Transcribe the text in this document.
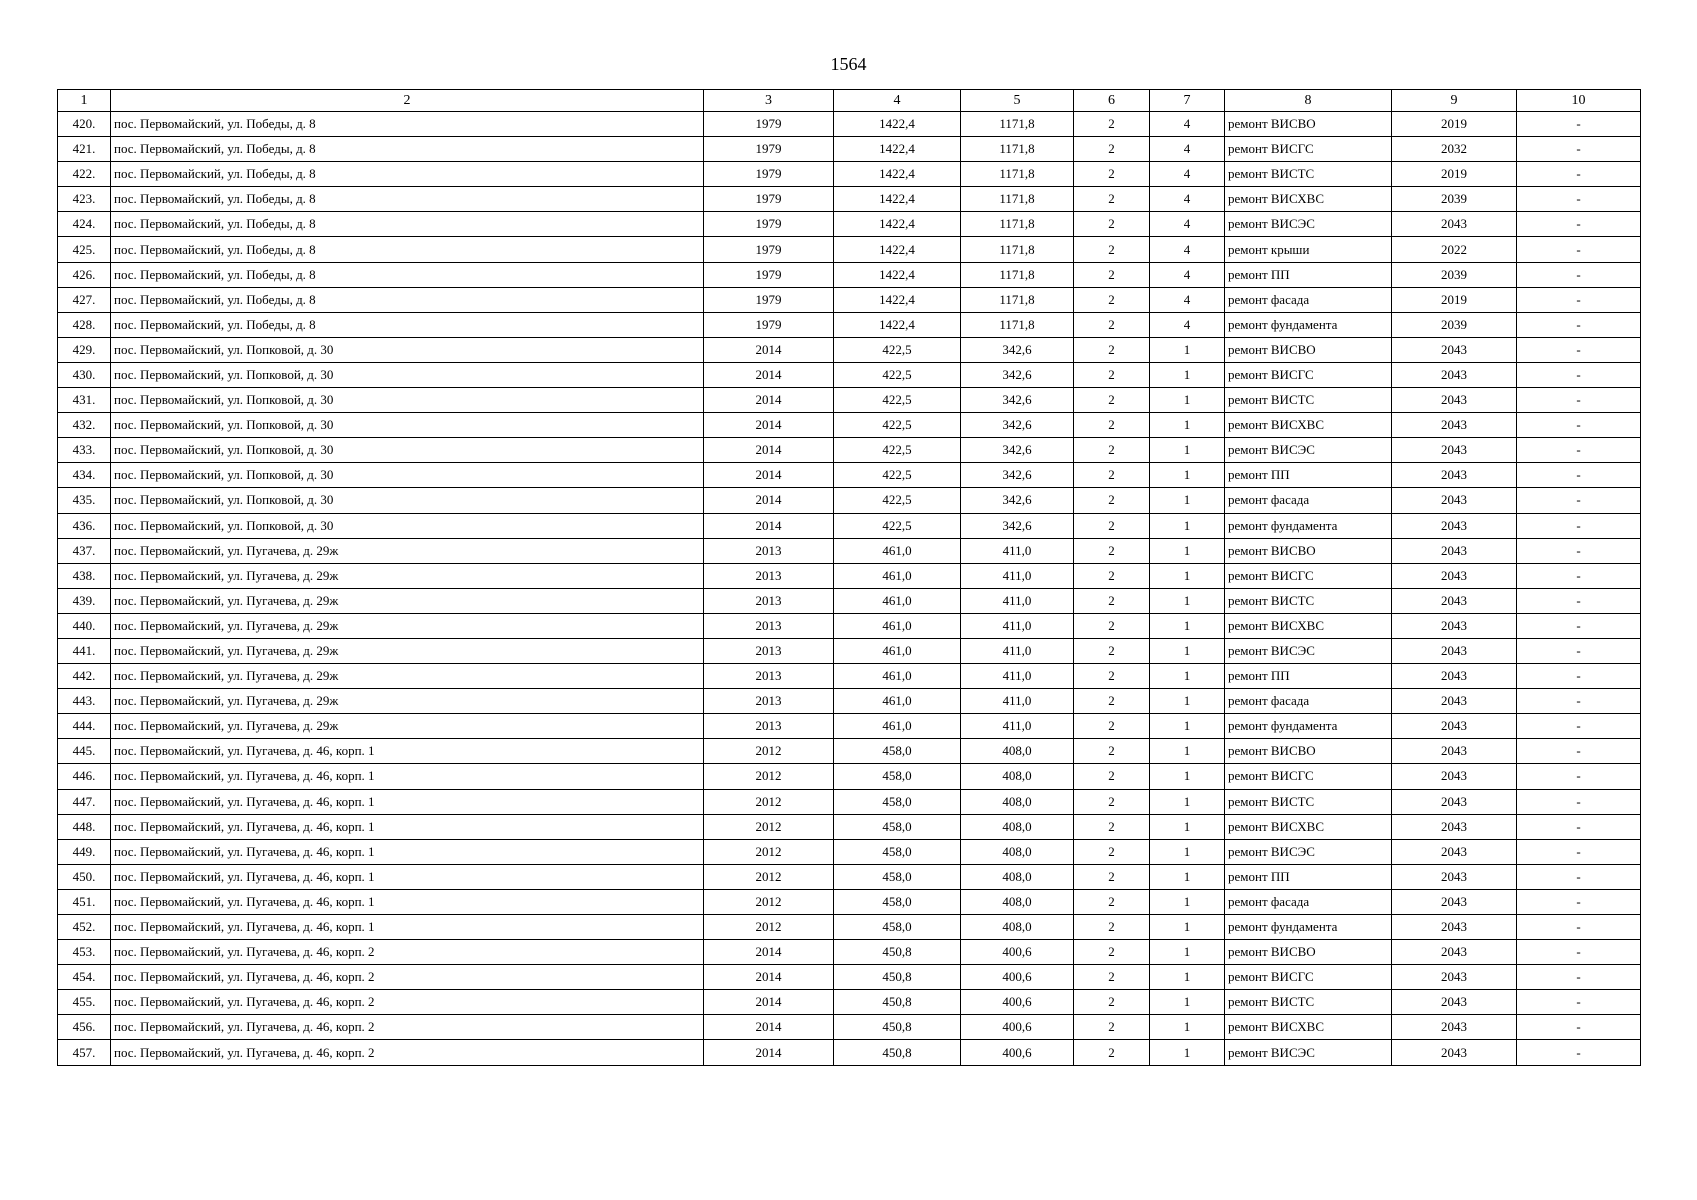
1564
1	2	3	4	5	6	7	8	9	10
420.	пос. Первомайский, ул. Победы, д. 8	1979	1422,4	1171,8	2	4	ремонт ВИСВО	2019	-
421.	пос. Первомайский, ул. Победы, д. 8	1979	1422,4	1171,8	2	4	ремонт ВИСГС	2032	-
422.	пос. Первомайский, ул. Победы, д. 8	1979	1422,4	1171,8	2	4	ремонт ВИСТС	2019	-
423.	пос. Первомайский, ул. Победы, д. 8	1979	1422,4	1171,8	2	4	ремонт ВИСХВС	2039	-
424.	пос. Первомайский, ул. Победы, д. 8	1979	1422,4	1171,8	2	4	ремонт ВИСЭС	2043	-
425.	пос. Первомайский, ул. Победы, д. 8	1979	1422,4	1171,8	2	4	ремонт крыши	2022	-
426.	пос. Первомайский, ул. Победы, д. 8	1979	1422,4	1171,8	2	4	ремонт ПП	2039	-
427.	пос. Первомайский, ул. Победы, д. 8	1979	1422,4	1171,8	2	4	ремонт фасада	2019	-
428.	пос. Первомайский, ул. Победы, д. 8	1979	1422,4	1171,8	2	4	ремонт фундамента	2039	-
429.	пос. Первомайский, ул. Попковой, д. 30	2014	422,5	342,6	2	1	ремонт ВИСВО	2043	-
430.	пос. Первомайский, ул. Попковой, д. 30	2014	422,5	342,6	2	1	ремонт ВИСГС	2043	-
431.	пос. Первомайский, ул. Попковой, д. 30	2014	422,5	342,6	2	1	ремонт ВИСТС	2043	-
432.	пос. Первомайский, ул. Попковой, д. 30	2014	422,5	342,6	2	1	ремонт ВИСХВС	2043	-
433.	пос. Первомайский, ул. Попковой, д. 30	2014	422,5	342,6	2	1	ремонт ВИСЭС	2043	-
434.	пос. Первомайский, ул. Попковой, д. 30	2014	422,5	342,6	2	1	ремонт ПП	2043	-
435.	пос. Первомайский, ул. Попковой, д. 30	2014	422,5	342,6	2	1	ремонт фасада	2043	-
436.	пос. Первомайский, ул. Попковой, д. 30	2014	422,5	342,6	2	1	ремонт фундамента	2043	-
437.	пос. Первомайский, ул. Пугачева, д. 29ж	2013	461,0	411,0	2	1	ремонт ВИСВО	2043	-
438.	пос. Первомайский, ул. Пугачева, д. 29ж	2013	461,0	411,0	2	1	ремонт ВИСГС	2043	-
439.	пос. Первомайский, ул. Пугачева, д. 29ж	2013	461,0	411,0	2	1	ремонт ВИСТС	2043	-
440.	пос. Первомайский, ул. Пугачева, д. 29ж	2013	461,0	411,0	2	1	ремонт ВИСХВС	2043	-
441.	пос. Первомайский, ул. Пугачева, д. 29ж	2013	461,0	411,0	2	1	ремонт ВИСЭС	2043	-
442.	пос. Первомайский, ул. Пугачева, д. 29ж	2013	461,0	411,0	2	1	ремонт ПП	2043	-
443.	пос. Первомайский, ул. Пугачева, д. 29ж	2013	461,0	411,0	2	1	ремонт фасада	2043	-
444.	пос. Первомайский, ул. Пугачева, д. 29ж	2013	461,0	411,0	2	1	ремонт фундамента	2043	-
445.	пос. Первомайский, ул. Пугачева, д. 46, корп. 1	2012	458,0	408,0	2	1	ремонт ВИСВО	2043	-
446.	пос. Первомайский, ул. Пугачева, д. 46, корп. 1	2012	458,0	408,0	2	1	ремонт ВИСГС	2043	-
447.	пос. Первомайский, ул. Пугачева, д. 46, корп. 1	2012	458,0	408,0	2	1	ремонт ВИСТС	2043	-
448.	пос. Первомайский, ул. Пугачева, д. 46, корп. 1	2012	458,0	408,0	2	1	ремонт ВИСХВС	2043	-
449.	пос. Первомайский, ул. Пугачева, д. 46, корп. 1	2012	458,0	408,0	2	1	ремонт ВИСЭС	2043	-
450.	пос. Первомайский, ул. Пугачева, д. 46, корп. 1	2012	458,0	408,0	2	1	ремонт ПП	2043	-
451.	пос. Первомайский, ул. Пугачева, д. 46, корп. 1	2012	458,0	408,0	2	1	ремонт фасада	2043	-
452.	пос. Первомайский, ул. Пугачева, д. 46, корп. 1	2012	458,0	408,0	2	1	ремонт фундамента	2043	-
453.	пос. Первомайский, ул. Пугачева, д. 46, корп. 2	2014	450,8	400,6	2	1	ремонт ВИСВО	2043	-
454.	пос. Первомайский, ул. Пугачева, д. 46, корп. 2	2014	450,8	400,6	2	1	ремонт ВИСГС	2043	-
455.	пос. Первомайский, ул. Пугачева, д. 46, корп. 2	2014	450,8	400,6	2	1	ремонт ВИСТС	2043	-
456.	пос. Первомайский, ул. Пугачева, д. 46, корп. 2	2014	450,8	400,6	2	1	ремонт ВИСХВС	2043	-
457.	пос. Первомайский, ул. Пугачева, д. 46, корп. 2	2014	450,8	400,6	2	1	ремонт ВИСЭС	2043	-
